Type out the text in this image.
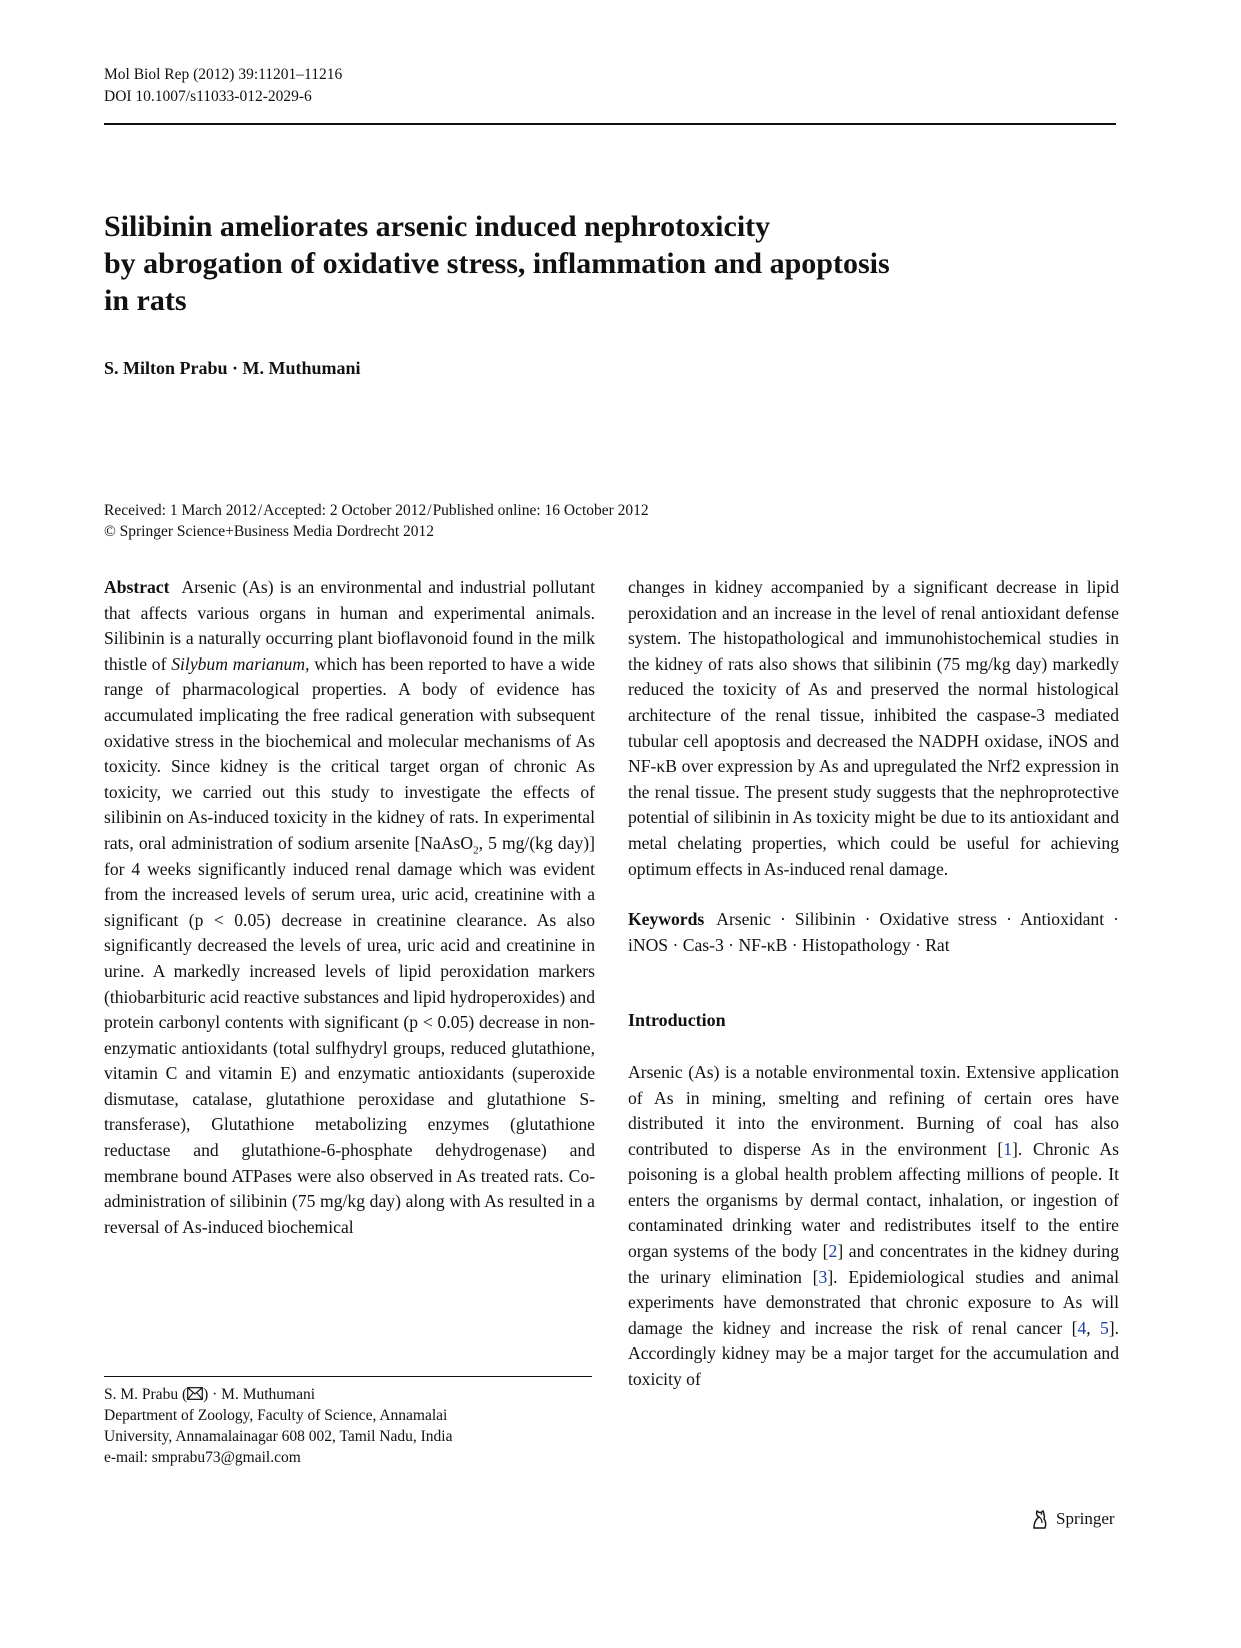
Mol Biol Rep (2012) 39:11201–11216
DOI 10.1007/s11033-012-2029-6
Silibinin ameliorates arsenic induced nephrotoxicity
by abrogation of oxidative stress, inflammation and apoptosis
in rats
S. Milton Prabu · M. Muthumani
Received: 1 March 2012/Accepted: 2 October 2012/Published online: 16 October 2012
© Springer Science+Business Media Dordrecht 2012

Abstract Arsenic (As) is an environmental and industrial pollutant that affects various organs in human and experimental animals. Silibinin is a naturally occurring plant bioflavonoid found in the milk thistle of Silybum marianum, which has been reported to have a wide range of pharmacological properties. A body of evidence has accumulated implicating the free radical generation with subsequent oxidative stress in the biochemical and molecular mechanisms of As toxicity. Since kidney is the critical target organ of chronic As toxicity, we carried out this study to investigate the effects of silibinin on As-induced toxicity in the kidney of rats. In experimental rats, oral administration of sodium arsenite [NaAsO$_2$, 5 mg/(kg day)] for 4 weeks significantly induced renal damage which was evident from the increased levels of serum urea, uric acid, creatinine with a significant (p < 0.05) decrease in creatinine clearance. As also significantly decreased the levels of urea, uric acid and creatinine in urine. A markedly increased levels of lipid peroxidation markers (thiobarbituric acid reactive substances and lipid hydroperoxides) and protein carbonyl contents with significant (p < 0.05) decrease in non-enzymatic antioxidants (total sulfhydryl groups, reduced glutathione, vitamin C and vitamin E) and enzymatic antioxidants (superoxide dismutase, catalase, glutathione peroxidase and glutathione S-transferase), Glutathione metabolizing enzymes (glutathione reductase and glutathione-6-phosphate dehydrogenase) and membrane bound ATPases were also observed in As treated rats. Co-administration of silibinin (75 mg/kg day) along with As resulted in a reversal of As-induced biochemical

changes in kidney accompanied by a significant decrease in lipid peroxidation and an increase in the level of renal antioxidant defense system. The histopathological and immunohistochemical studies in the kidney of rats also shows that silibinin (75 mg/kg day) markedly reduced the toxicity of As and preserved the normal histological architecture of the renal tissue, inhibited the caspase-3 mediated tubular cell apoptosis and decreased the NADPH oxidase, iNOS and NF-κB over expression by As and upregulated the Nrf2 expression in the renal tissue. The present study suggests that the nephroprotective potential of silibinin in As toxicity might be due to its antioxidant and metal chelating properties, which could be useful for achieving optimum effects in As-induced renal damage.

Keywords Arsenic · Silibinin · Oxidative stress · Antioxidant · iNOS · Cas-3 · NF-κB · Histopathology · Rat

Introduction

Arsenic (As) is a notable environmental toxin. Extensive application of As in mining, smelting and refining of certain ores have distributed it into the environment. Burning of coal has also contributed to disperse As in the environment [1]. Chronic As poisoning is a global health problem affecting millions of people. It enters the organisms by dermal contact, inhalation, or ingestion of contaminated drinking water and redistributes itself to the entire organ systems of the body [2] and concentrates in the kidney during the urinary elimination [3]. Epidemiological studies and animal experiments have demonstrated that chronic exposure to As will damage the kidney and increase the risk of renal cancer [4, 5]. Accordingly kidney may be a major target for the accumulation and toxicity of

S. M. Prabu ( ) · M. Muthumani
Department of Zoology, Faculty of Science, Annamalai
University, Annamalainagar 608 002, Tamil Nadu, India
e-mail: smprabu73@gmail.com
Springer
